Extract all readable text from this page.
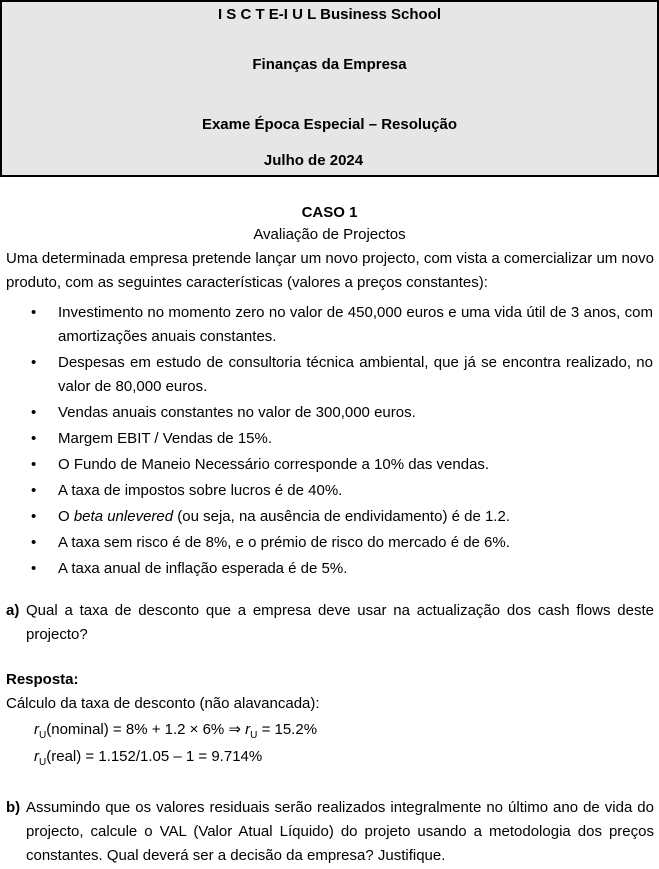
I S C T E-I U L Business School
Finanças da Empresa
Exame Época Especial – Resolução
Julho de 2024
CASO 1
Avaliação de Projectos
Uma determinada empresa pretende lançar um novo projecto, com vista a comercializar um novo produto, com as seguintes características (valores a preços constantes):
• Investimento no momento zero no valor de 450,000 euros e uma vida útil de 3 anos, com amortizações anuais constantes.
• Despesas em estudo de consultoria técnica ambiental, que já se encontra realizado, no valor de 80,000 euros.
• Vendas anuais constantes no valor de 300,000 euros.
• Margem EBIT / Vendas de 15%.
• O Fundo de Maneio Necessário corresponde a 10% das vendas.
• A taxa de impostos sobre lucros é de 40%.
• O beta unlevered (ou seja, na ausência de endividamento) é de 1.2.
• A taxa sem risco é de 8%, e o prémio de risco do mercado é de 6%.
• A taxa anual de inflação esperada é de 5%.
a) Qual a taxa de desconto que a empresa deve usar na actualização dos cash flows deste projecto?
Resposta:
Cálculo da taxa de desconto (não alavancada):
$r_U(nominal) = 8\% + 1.2 \times 6\%$ ⇒ $r_U = 15.2\%$
$r_U(real) = 1.152/1.05 - 1 = 9.714\%$
b) Assumindo que os valores residuais serão realizados integralmente no último ano de vida do projecto, calcule o VAL (Valor Atual Líquido) do projeto usando a metodologia dos preços constantes. Qual deverá ser a decisão da empresa? Justifique.
